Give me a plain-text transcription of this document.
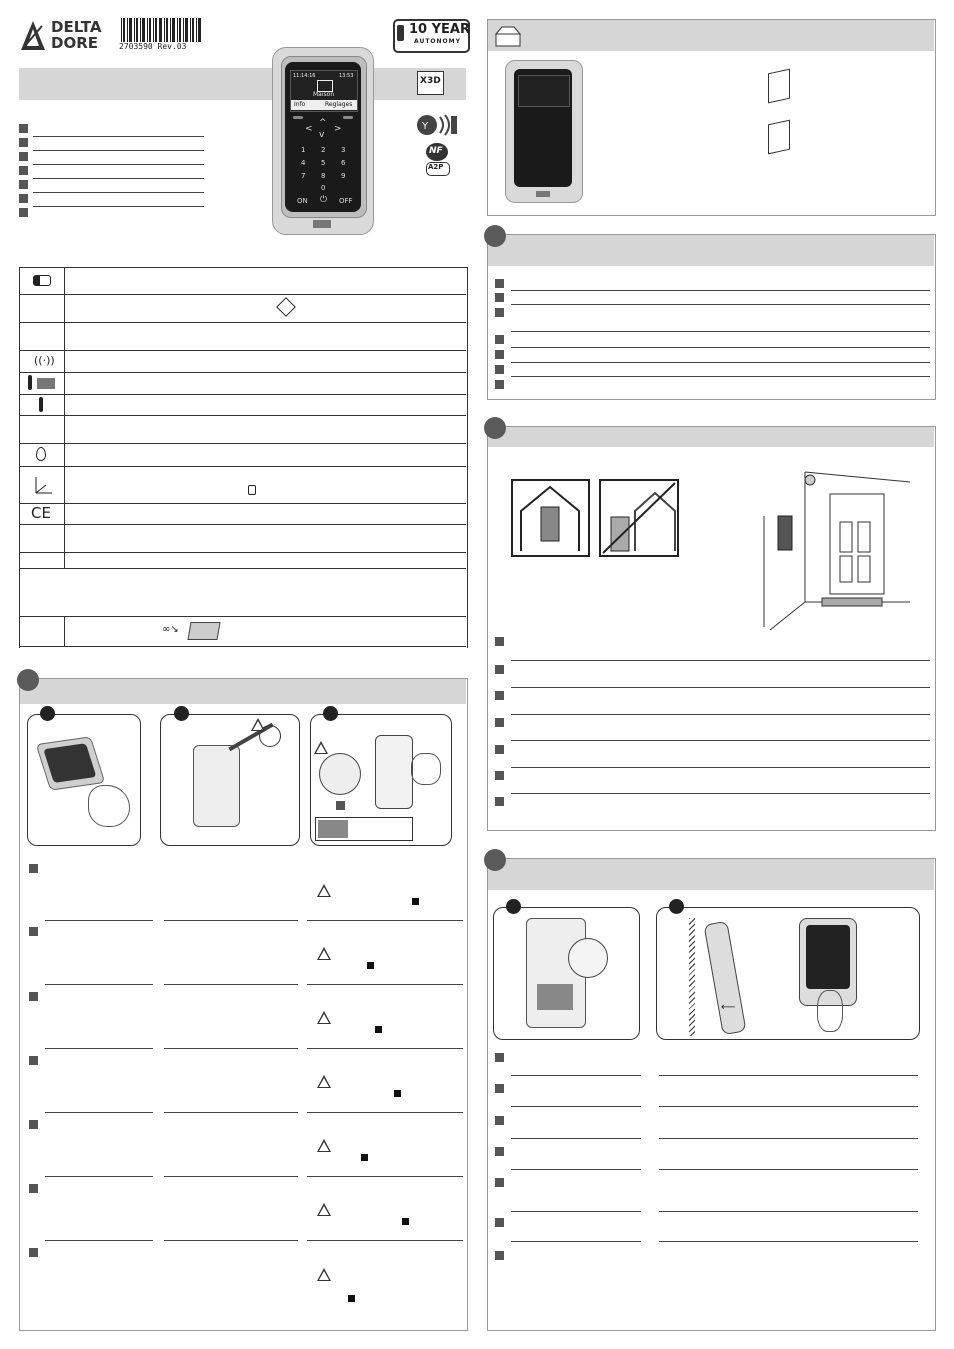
DELTA
DORE	2703590 Rev.03
10 YEAR
AUTONOMY
X3D
Y
NF
A2P
11:14:16	13:53
Maison
Info	Reglages
^
< >
v
1 2 3
4 5 6
7 8 9
0
ON ⏻ OFF
((·))
CE
∞↘
⟵
